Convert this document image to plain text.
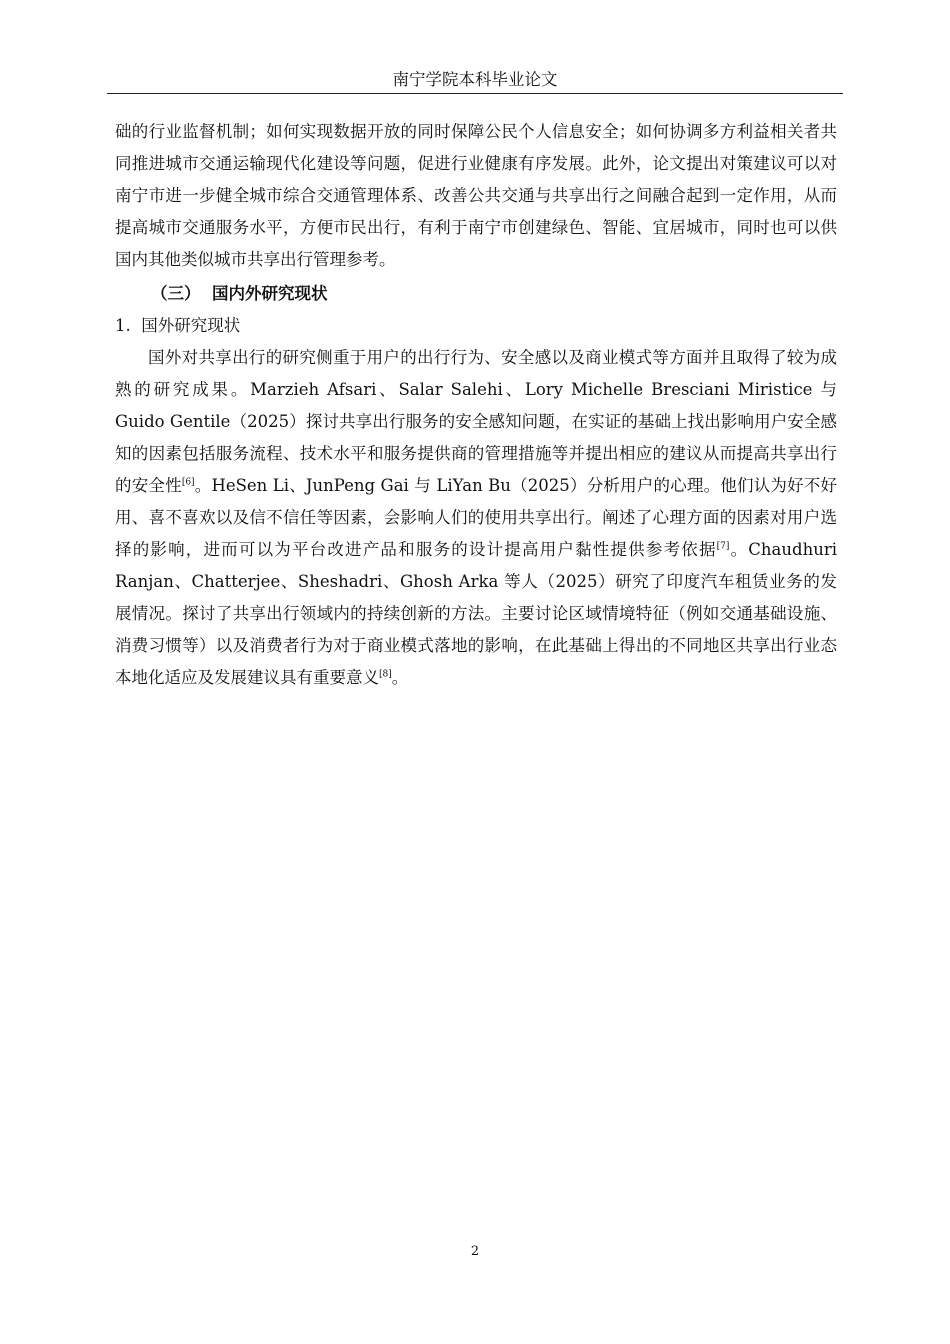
南宁学院本科毕业论文

础的行业监督机制；如何实现数据开放的同时保障公民个人信息安全；如何协调多方利益相关者共同推进城市交通运输现代化建设等问题，促进行业健康有序发展。此外，论文提出对策建议可以对南宁市进一步健全城市综合交通管理体系、改善公共交通与共享出行之间融合起到一定作用，从而提高城市交通服务水平，方便市民出行，有利于南宁市创建绿色、智能、宜居城市，同时也可以供国内其他类似城市共享出行管理参考。

（三）  国内外研究现状

1.  国外研究现状

国外对共享出行的研究侧重于用户的出行行为、安全感以及商业模式等方面并且取得了较为成熟的研究成果。Marzieh Afsari、Salar Salehi、Lory Michelle Bresciani Miristice 与 Guido Gentile（2025）探讨共享出行服务的安全感知问题，在实证的基础上找出影响用户安全感知的因素包括服务流程、技术水平和服务提供商的管理措施等并提出相应的建议从而提高共享出行的安全性[6]。HeSen Li、JunPeng Gai 与 LiYan Bu（2025）分析用户的心理。他们认为好不好用、喜不喜欢以及信不信任等因素，会影响人们的使用共享出行。阐述了心理方面的因素对用户选择的影响，进而可以为平台改进产品和服务的设计提高用户黏性提供参考依据[7]。Chaudhuri Ranjan、Chatterjee、Sheshadri、Ghosh Arka 等人（2025）研究了印度汽车租赁业务的发展情况。探讨了共享出行领域内的持续创新的方法。主要讨论区域情境特征（例如交通基础设施、消费习惯等）以及消费者行为对于商业模式落地的影响，在此基础上得出的不同地区共享出行业态本地化适应及发展建议具有重要意义[8]。

2
